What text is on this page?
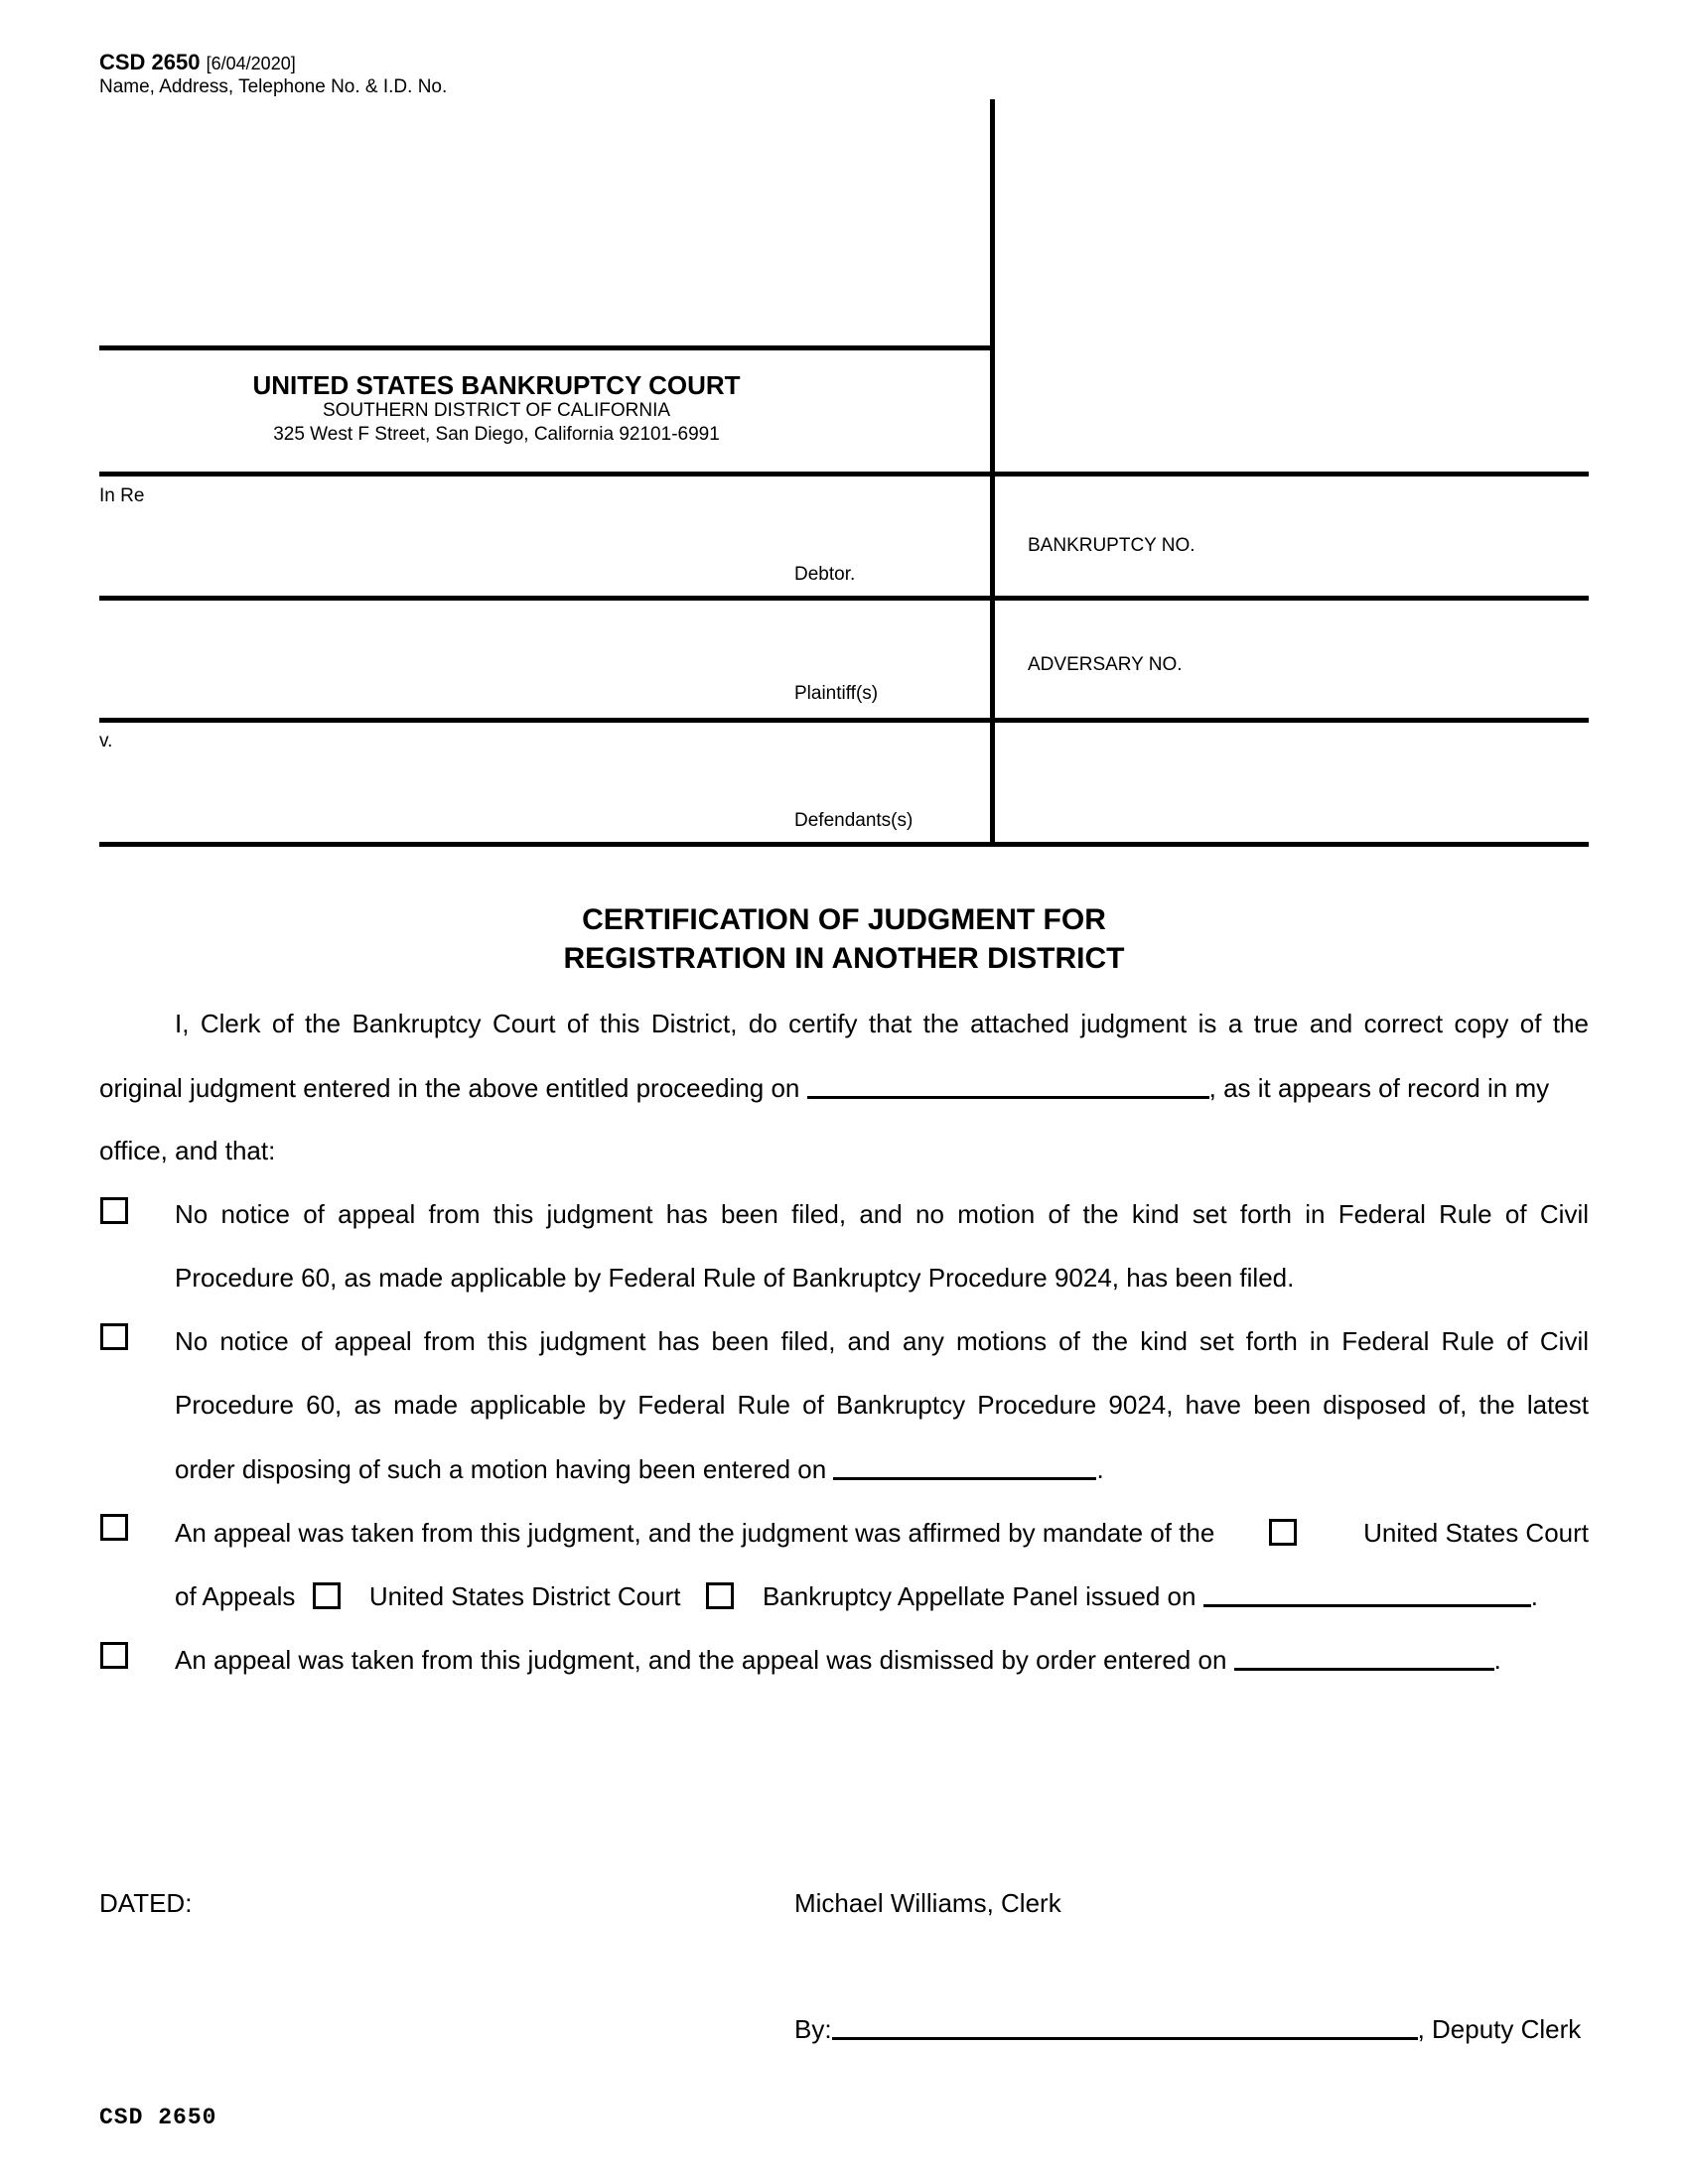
CSD 2650 [6/04/2020]
Name, Address, Telephone No. & I.D. No.
UNITED STATES BANKRUPTCY COURT
SOUTHERN DISTRICT OF CALIFORNIA
325 West F Street, San Diego, California 92101-6991
In Re
Debtor.
BANKRUPTCY NO.
Plaintiff(s)
ADVERSARY NO.
v.
Defendants(s)
CERTIFICATION OF JUDGMENT FOR
REGISTRATION IN ANOTHER DISTRICT
I, Clerk of the Bankruptcy Court of this District, do certify that the attached judgment is a true and correct copy of the
original judgment entered in the above entitled proceeding on	, as it appears of record in my
office, and that:
No notice of appeal from this judgment has been filed, and no motion of the kind set forth in Federal Rule of Civil
Procedure 60, as made applicable by Federal Rule of Bankruptcy Procedure 9024, has been filed.
No notice of appeal from this judgment has been filed, and any motions of the kind set forth in Federal Rule of Civil
Procedure 60, as made applicable by Federal Rule of Bankruptcy Procedure 9024, have been disposed of, the latest
order disposing of such a motion having been entered on	.
An appeal was taken from this judgment, and the judgment was affirmed by mandate of the	United States Court
of Appeals	United States District Court	Bankruptcy Appellate Panel issued on	.
An appeal was taken from this judgment, and the appeal was dismissed by order entered on	.
DATED:	Michael Williams, Clerk
By:	, Deputy Clerk
CSD 2650
